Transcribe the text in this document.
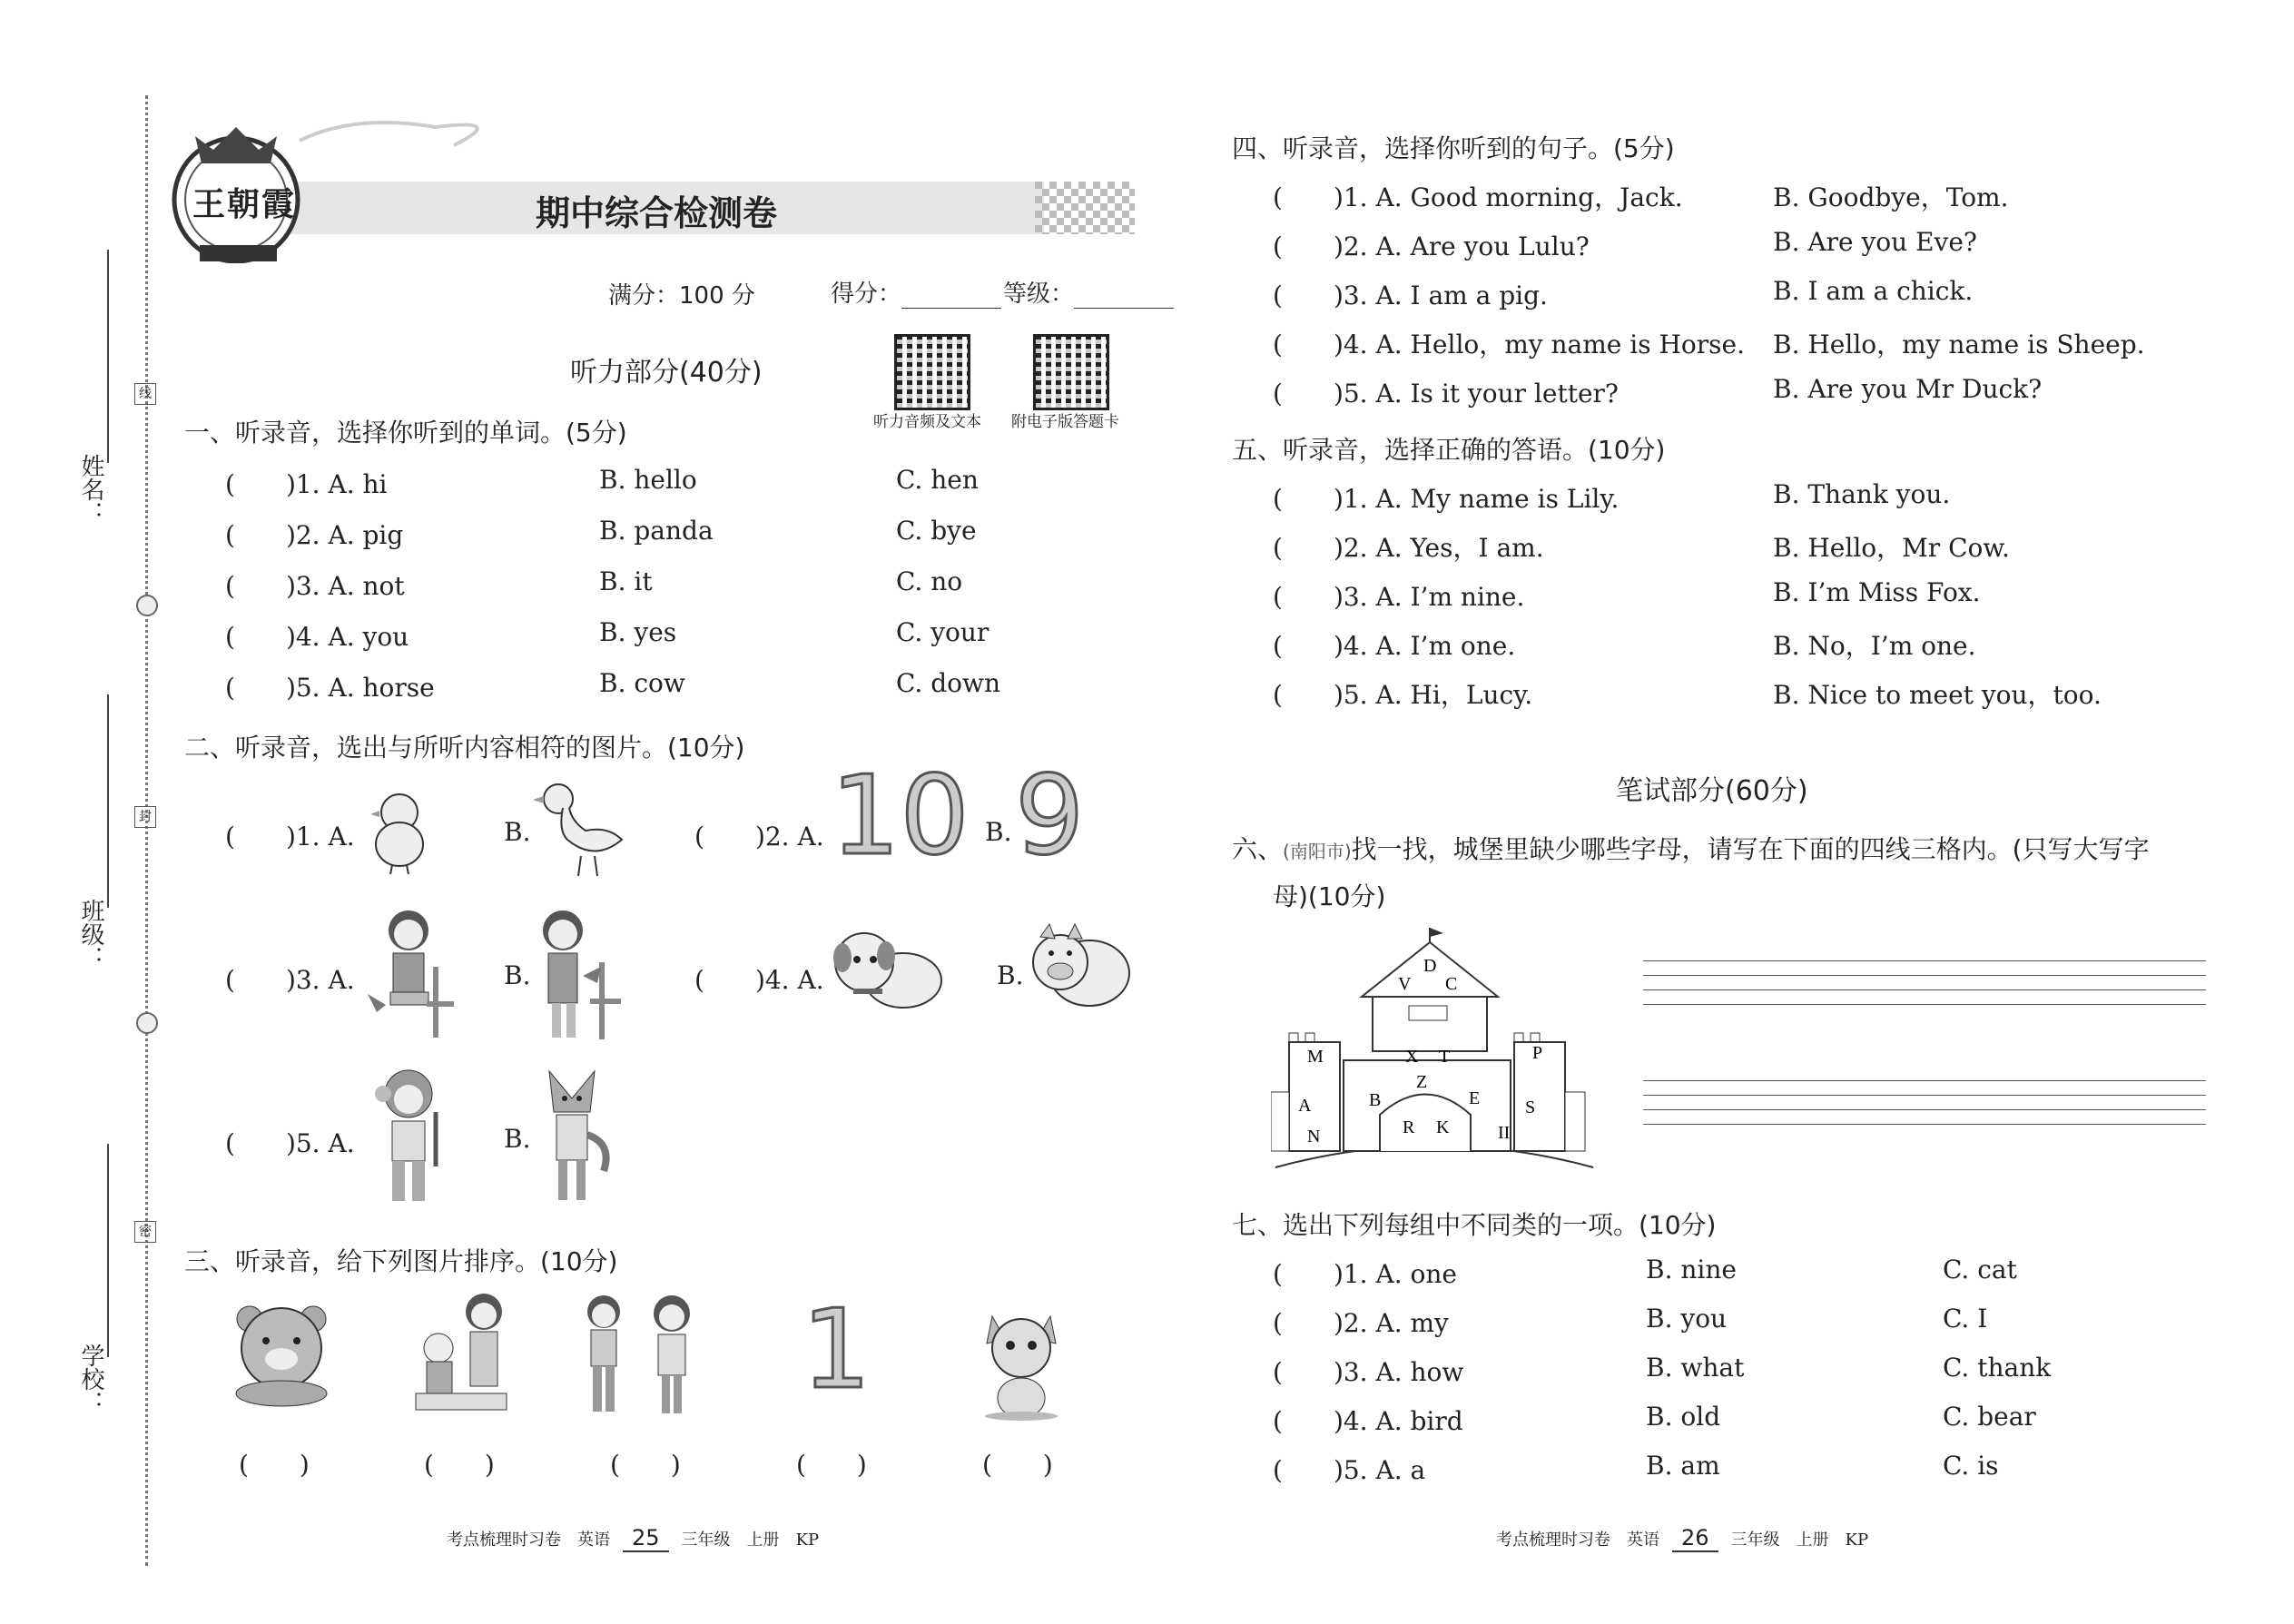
姓名：
班级：
学校：
线
封
密
王朝霞	期中综合检测卷
满分：100 分	得分：	等级：
听力音频及文本 附电子版答题卡
听力部分(40分)
一、听录音，选择你听到的单词。(5分)
(　　)1. A. hi	B. hello	C. hen
(　　)2. A. pig	B. panda	C. bye
(　　)3. A. not	B. it	C. no
(　　)4. A. you	B. yes	C. your
(　　)5. A. horse	B. cow	C. down
二、听录音，选出与所听内容相符的图片。(10分)
(　　)1. A.	B.	(　　)2. A. 10 B. 9
(　　)3. A.	B.	(　　)4. A.	B.
(　　)5. A.	B.
三、听录音，给下列图片排序。(10分)
1
(　　)	(　　)	(　　)	(　　)	(　　)
考点梳理时习卷　英语 25 三年级　上册　KP
四、听录音，选择你听到的句子。(5分)
(　　)1. A. Good morning，Jack.	B. Goodbye，Tom.
(　　)2. A. Are you Lulu?	B. Are you Eve?
(　　)3. A. I am a pig.	B. I am a chick.
(　　)4. A. Hello，my name is Horse. B. Hello，my name is Sheep.
(　　)5. A. Is it your letter?	B. Are you Mr Duck?
五、听录音，选择正确的答语。(10分)
(　　)1. A. My name is Lily.	B. Thank you.
(　　)2. A. Yes，I am.	B. Hello，Mr Cow.
(　　)3. A. I’m nine.	B. I’m Miss Fox.
(　　)4. A. I’m one.	B. No，I’m one.
(　　)5. A. Hi，Lucy.	B. Nice to meet you，too.
笔试部分(60分)
六、(南阳市)找一找，城堡里缺少哪些字母，请写在下面的四线三格内。(只写大写字
母)(10分)
D
V C
M	X T	P
A	B
Z
E S
R K
N	II
七、选出下列每组中不同类的一项。(10分)
(　　)1. A. one	B. nine	C. cat
(　　)2. A. my	B. you	C. I
(　　)3. A. how	B. what	C. thank
(　　)4. A. bird	B. old	C. bear
(　　)5. A. a	B. am	C. is
考点梳理时习卷　英语 26 三年级　上册　KP
